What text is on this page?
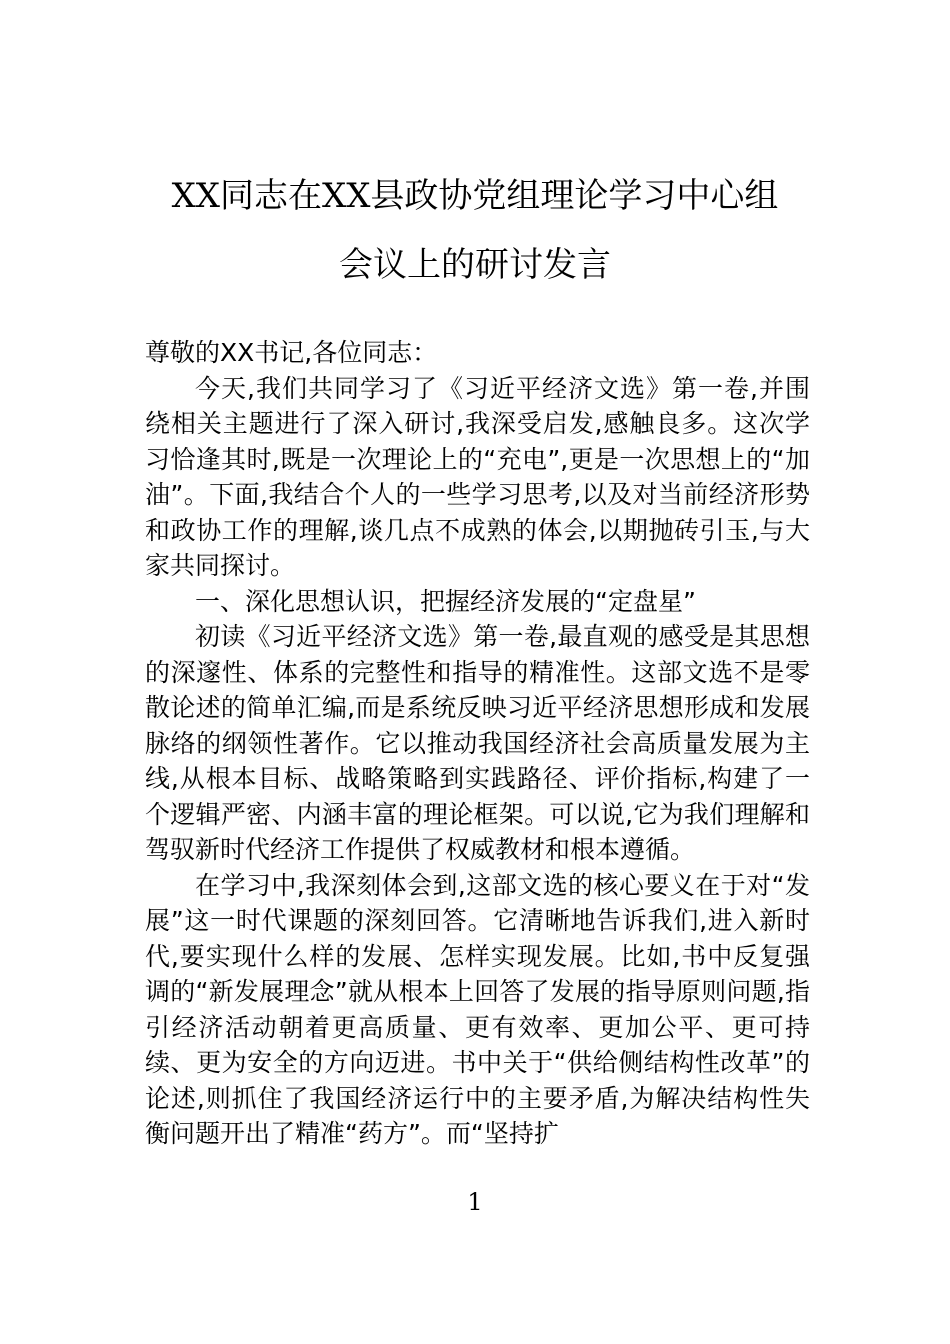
XX同志在XX县政协党组理论学习中心组
会议上的研讨发言

尊敬的XX书记,各位同志：

今天,我们共同学习了《习近平经济文选》第一卷,并围绕相关主题进行了深入研讨,我深受启发,感触良多。这次学习恰逢其时,既是一次理论上的“充电”,更是一次思想上的“加油”。下面,我结合个人的一些学习思考,以及对当前经济形势和政协工作的理解,谈几点不成熟的体会,以期抛砖引玉,与大家共同探讨。

一、深化思想认识，把握经济发展的“定盘星”

初读《习近平经济文选》第一卷,最直观的感受是其思想的深邃性、体系的完整性和指导的精准性。这部文选不是零散论述的简单汇编,而是系统反映习近平经济思想形成和发展脉络的纲领性著作。它以推动我国经济社会高质量发展为主线,从根本目标、战略策略到实践路径、评价指标,构建了一个逻辑严密、内涵丰富的理论框架。可以说,它为我们理解和驾驭新时代经济工作提供了权威教材和根本遵循。

在学习中,我深刻体会到,这部文选的核心要义在于对“发展”这一时代课题的深刻回答。它清晰地告诉我们,进入新时代,要实现什么样的发展、怎样实现发展。比如,书中反复强调的“新发展理念”就从根本上回答了发展的指导原则问题,指引经济活动朝着更高质量、更有效率、更加公平、更可持续、更为安全的方向迈进。书中关于“供给侧结构性改革”的论述,则抓住了我国经济运行中的主要矛盾,为解决结构性失衡问题开出了精准“药方”。而“坚持扩

1
